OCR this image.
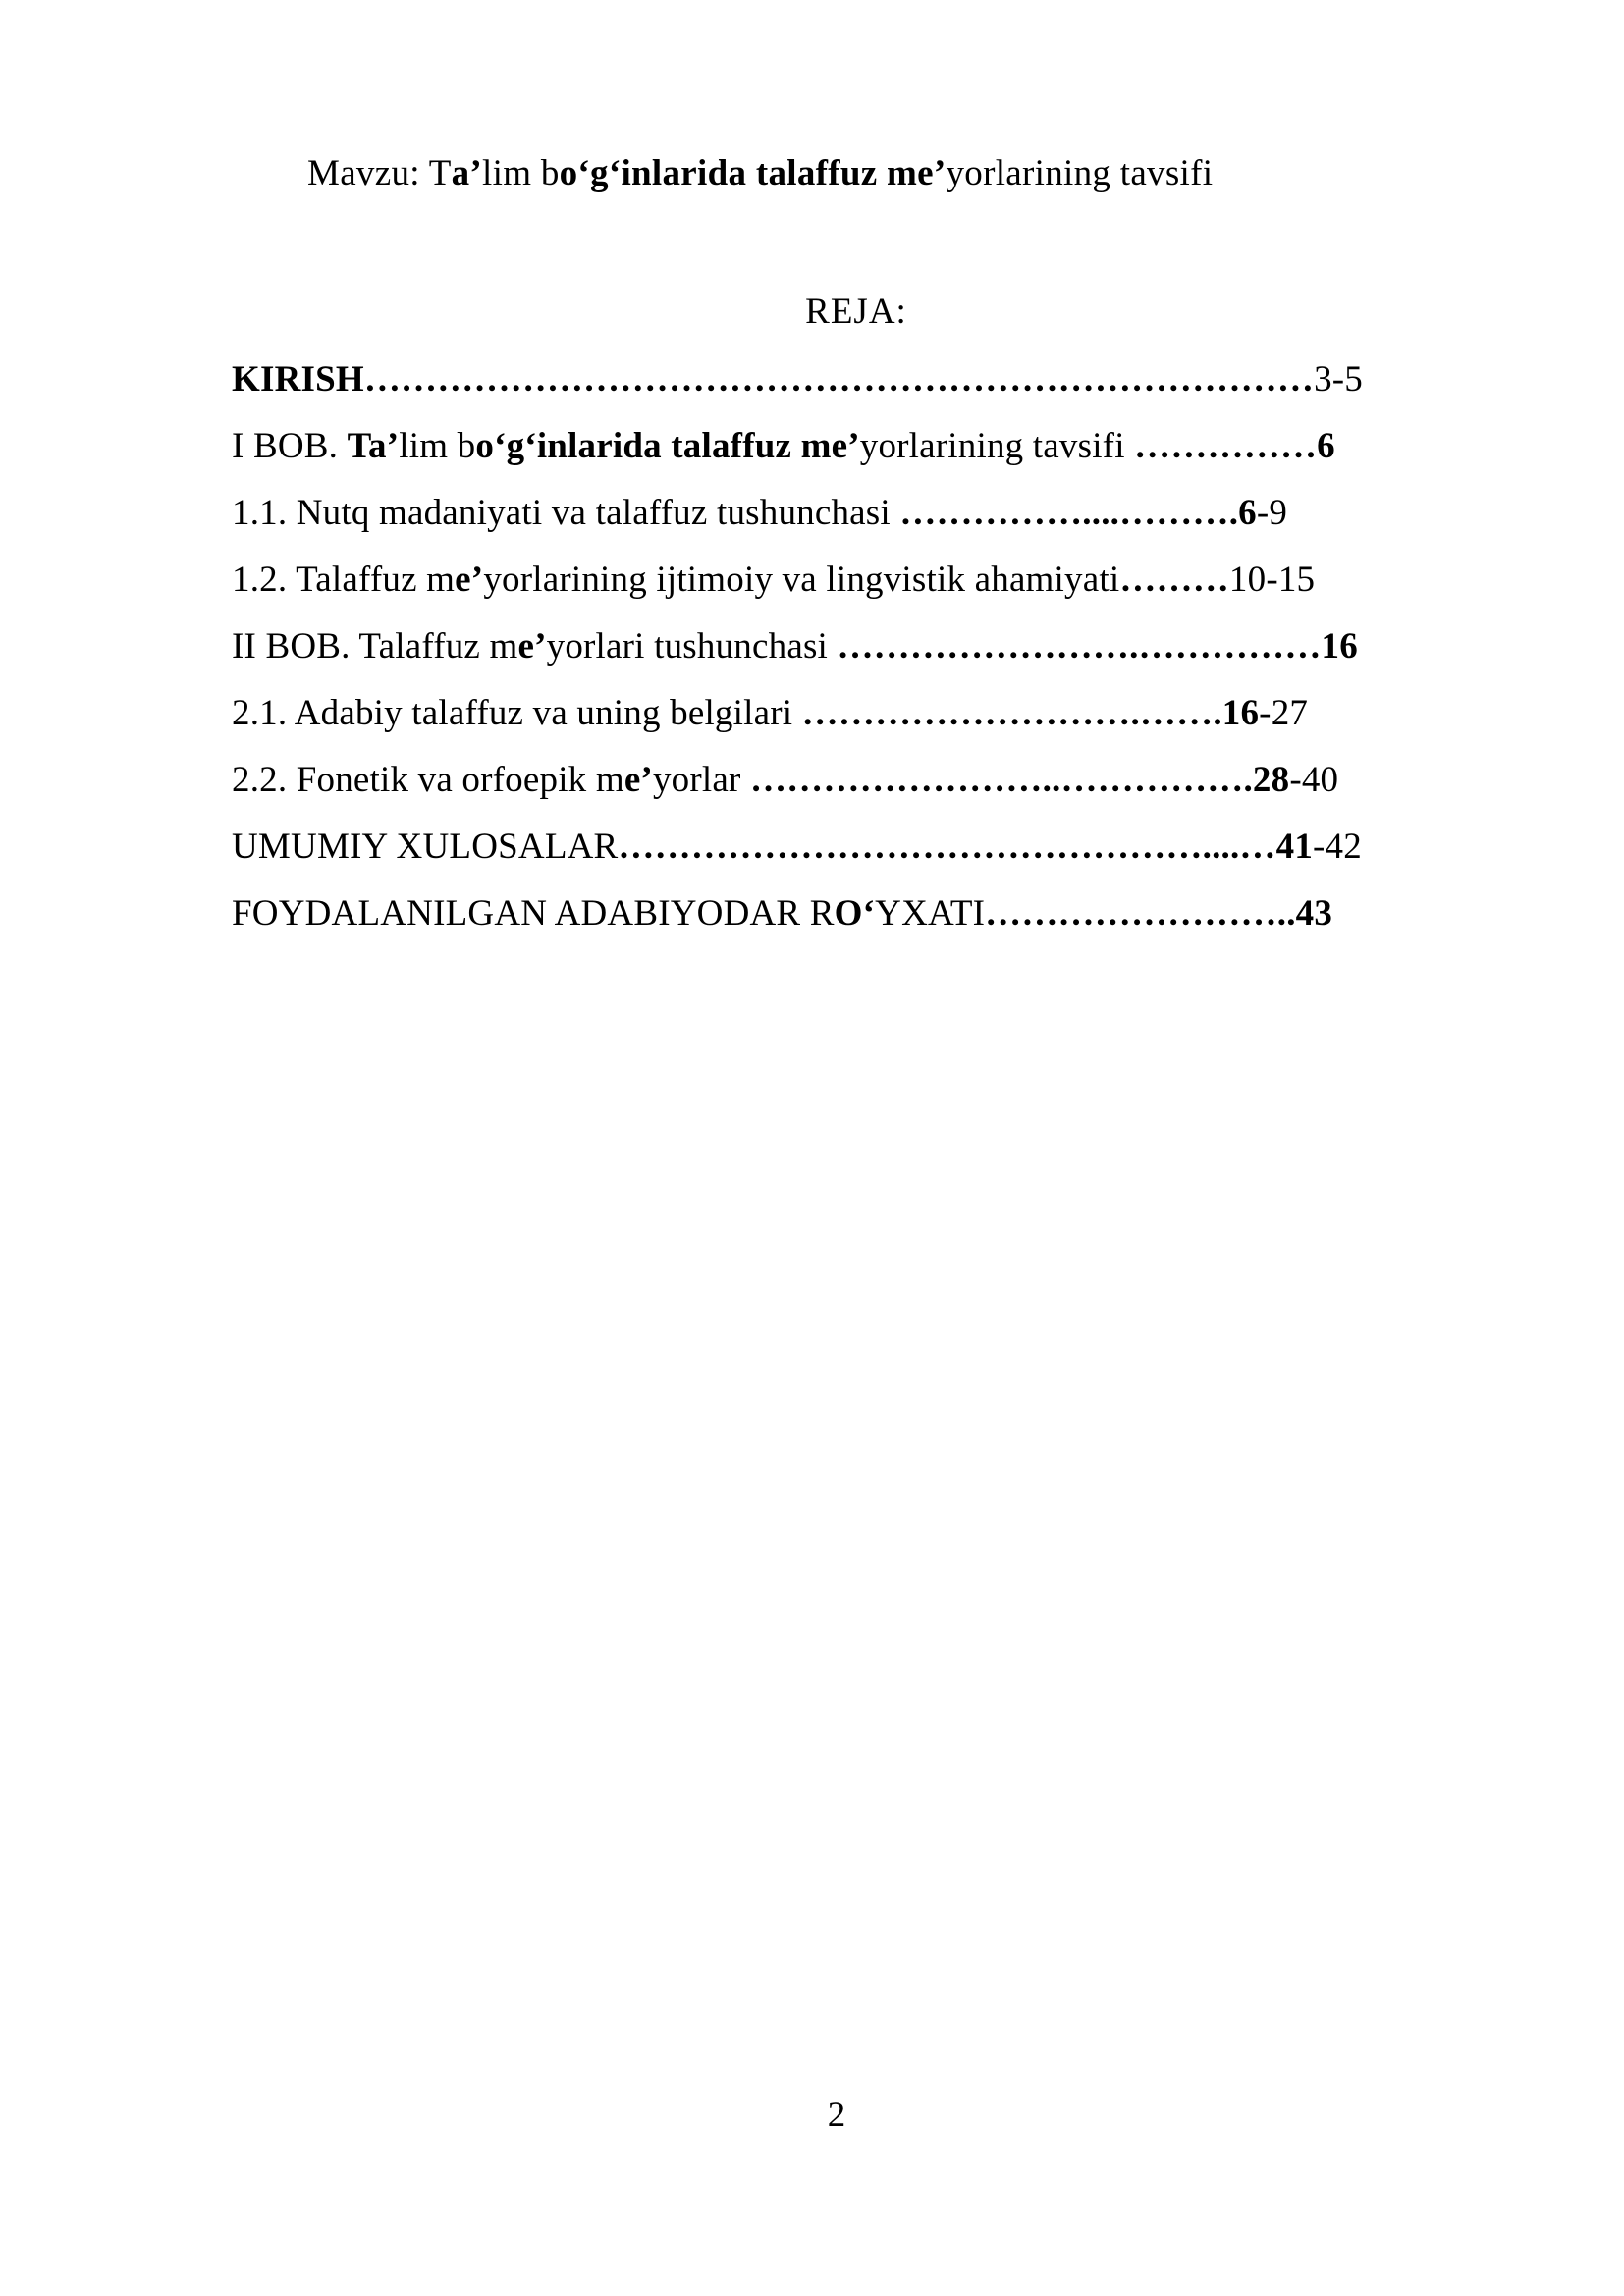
Mavzu: Ta’lim bo‘g‘inlarida talaffuz me’yorlarining tavsifi
REJA:
KIRISH……………………………………………………………………3-5
I BOB. Ta’lim bo‘g‘inlarida talaffuz me’yorlarining tavsifi ……………6
1.1. Nutq madaniyati va talaffuz tushunchasi ……………....……….6-9
1.2. Talaffuz me’yorlarining ijtimoiy va lingvistik ahamiyati………10-15
II BOB. Talaffuz me’yorlari tushunchasi …………………….……………16
2.1. Adabiy talaffuz va uning belgilari ……………………….…….16-27
2.2. Fonetik va orfoepik me’yorlar ……………………..…………….28-40
UMUMIY XULOSALAR…………………………………………....…41-42
FOYDALANILGAN ADABIYODAR RO‘YXATI……………………..43
2
